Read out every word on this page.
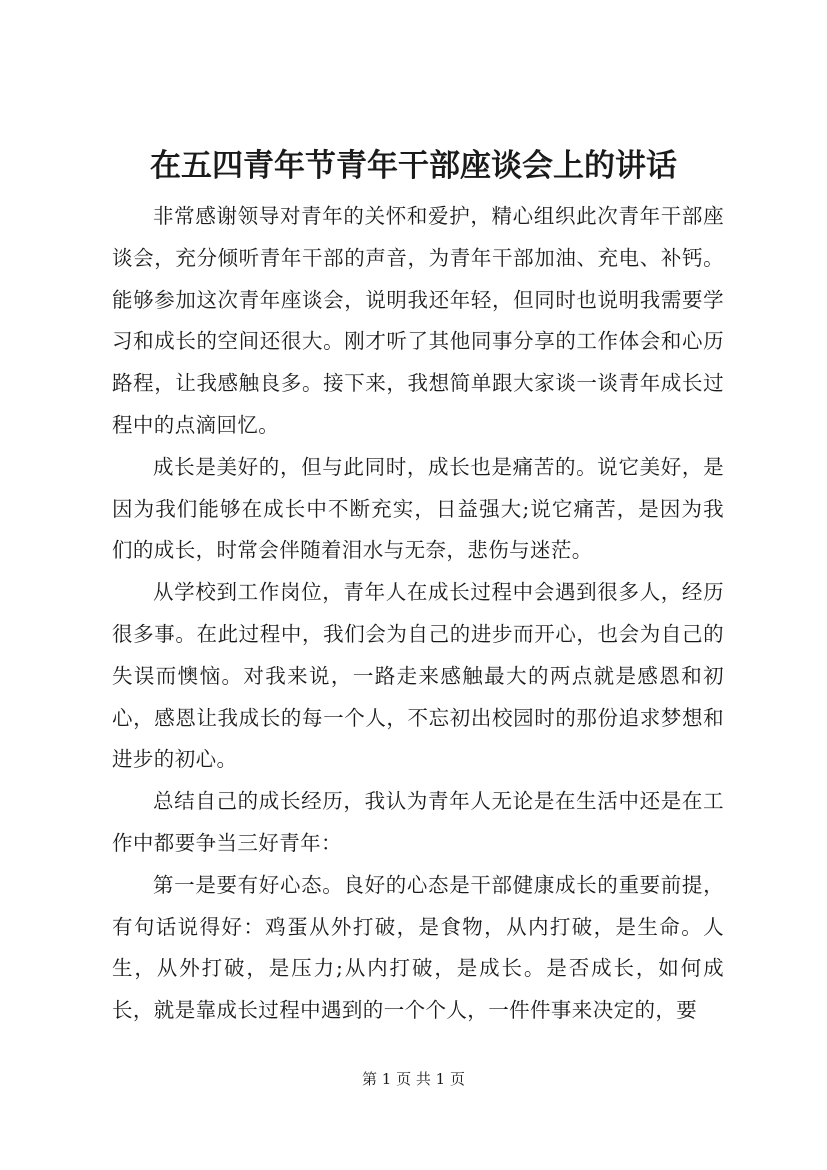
在五四青年节青年干部座谈会上的讲话

非常感谢领导对青年的关怀和爱护，精心组织此次青年干部座谈会，充分倾听青年干部的声音，为青年干部加油、充电、补钙。能够参加这次青年座谈会，说明我还年轻，但同时也说明我需要学习和成长的空间还很大。刚才听了其他同事分享的工作体会和心历路程，让我感触良多。接下来，我想简单跟大家谈一谈青年成长过程中的点滴回忆。

成长是美好的，但与此同时，成长也是痛苦的。说它美好，是因为我们能够在成长中不断充实，日益强大;说它痛苦，是因为我们的成长，时常会伴随着泪水与无奈，悲伤与迷茫。

从学校到工作岗位，青年人在成长过程中会遇到很多人，经历很多事。在此过程中，我们会为自己的进步而开心，也会为自己的失误而懊恼。对我来说，一路走来感触最大的两点就是感恩和初心，感恩让我成长的每一个人，不忘初出校园时的那份追求梦想和进步的初心。

总结自己的成长经历，我认为青年人无论是在生活中还是在工作中都要争当三好青年：

第一是要有好心态。良好的心态是干部健康成长的重要前提，有句话说得好：鸡蛋从外打破，是食物，从内打破，是生命。人生，从外打破，是压力;从内打破，是成长。是否成长，如何成长，就是靠成长过程中遇到的一个个人，一件件事来决定的，要

第 1 页 共 1 页
